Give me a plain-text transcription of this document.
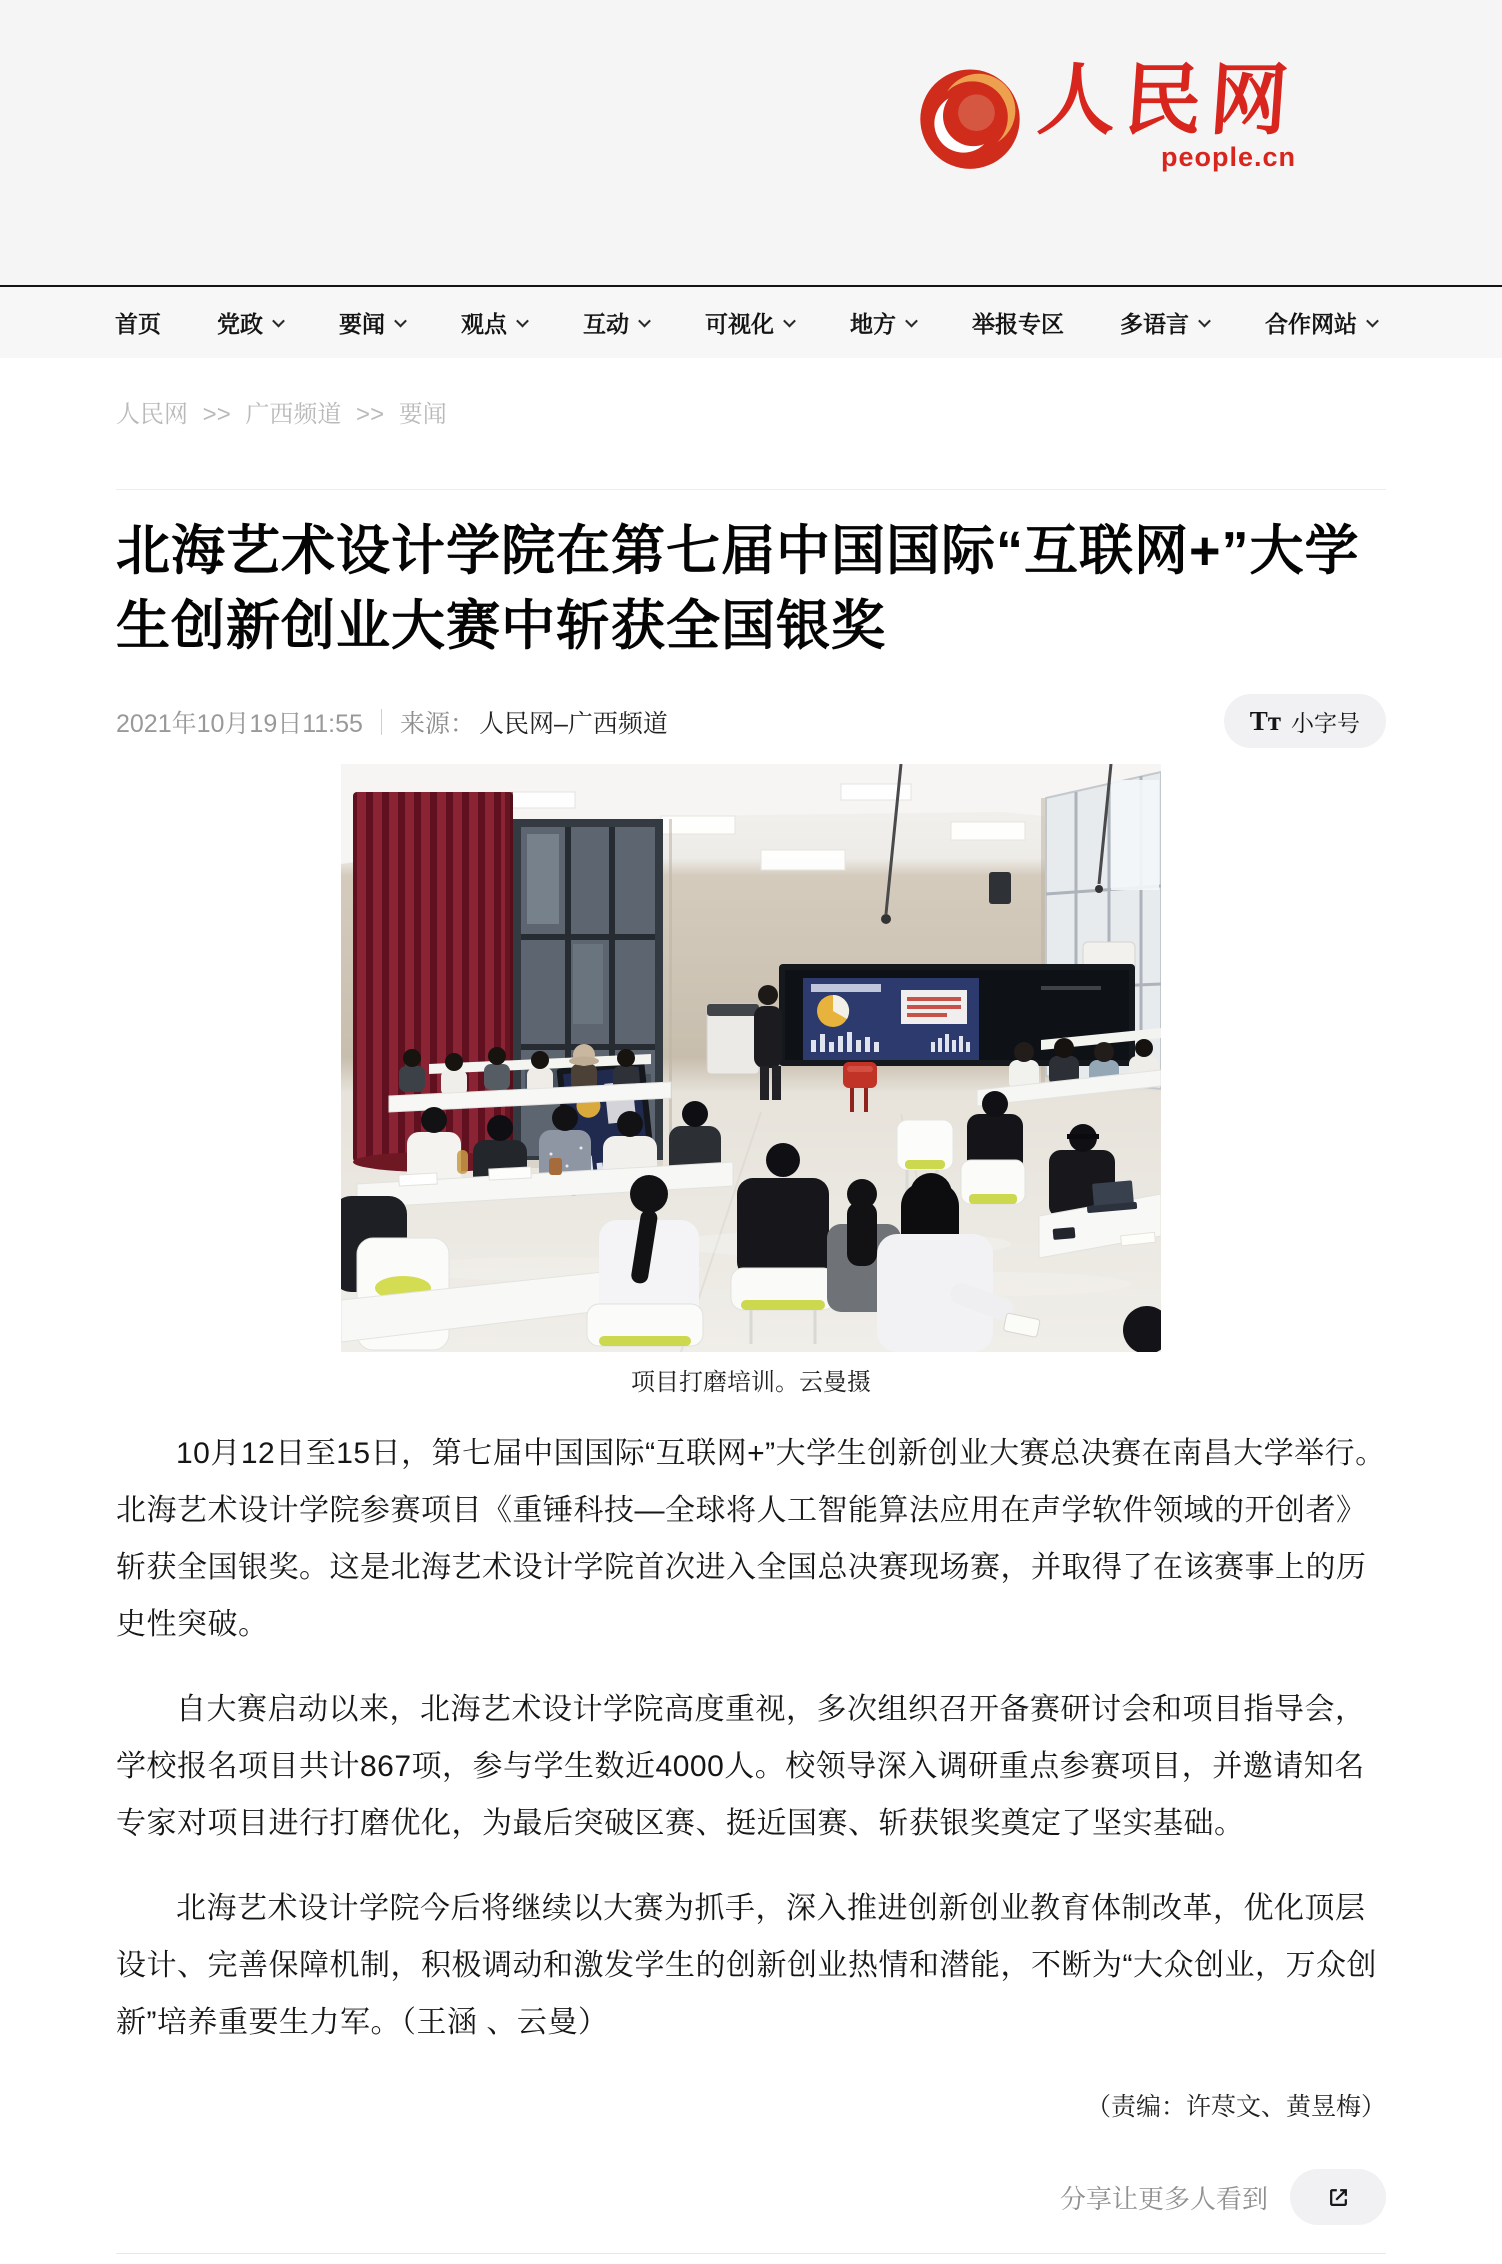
人民网
people.cn
首页 党政	要闻	观点	互动	可视化	地方	举报专区 多语言	合作网站
人民网 >> 广西频道 >> 要闻
北海艺术设计学院在第七届中国国际“互联网+”大学生创新创业大赛中斩获全国银奖
2021年10月19日11:55 来源： 人民网–广西频道	Tт 小字号
项目打磨培训。云曼摄

10月12日至15日，第七届中国国际“互联网+”大学生创新创业大赛总决赛在南昌大学举行。北海艺术设计学院参赛项目《重锤科技—全球将人工智能算法应用在声学软件领域的开创者》斩获全国银奖。这是北海艺术设计学院首次进入全国总决赛现场赛，并取得了在该赛事上的历史性突破。

自大赛启动以来，北海艺术设计学院高度重视，多次组织召开备赛研讨会和项目指导会，学校报名项目共计867项，参与学生数近4000人。校领导深入调研重点参赛项目，并邀请知名专家对项目进行打磨优化，为最后突破区赛、挺近国赛、斩获银奖奠定了坚实基础。

北海艺术设计学院今后将继续以大赛为抓手，深入推进创新创业教育体制改革，优化顶层设计、完善保障机制，积极调动和激发学生的创新创业热情和潜能，不断为“大众创业，万众创新”培养重要生力军。（王涵 、云曼）

（责编：许荩文、黄昱梅）
分享让更多人看到
